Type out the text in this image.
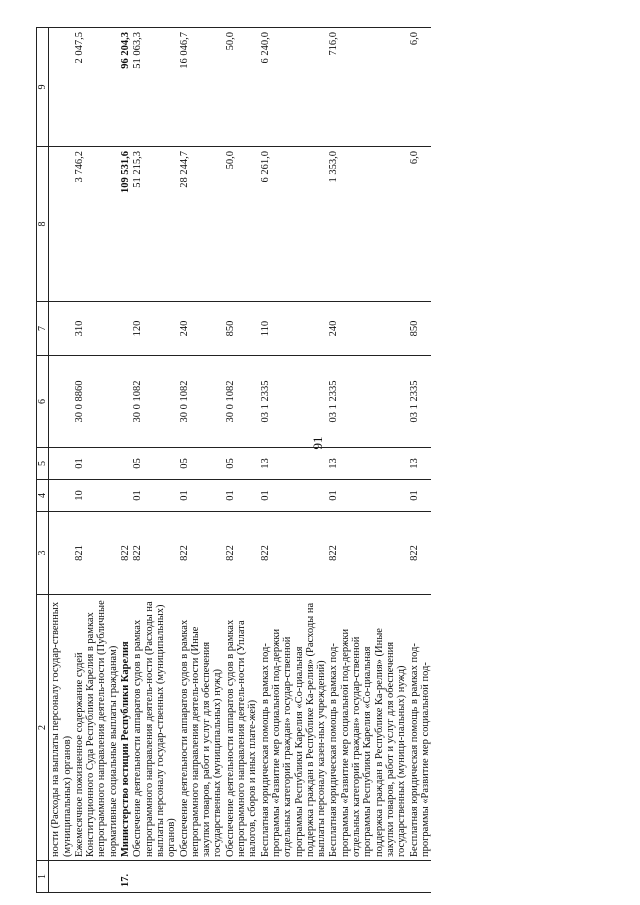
91
1	2	3	4	5	6	7	8	9

	ности (Расходы на выплаты персоналу государ-ственных (муниципальных) органов)							

	Ежемесячное пожизненное содержание судей Конституционного Суда Республики Карелия в рамках непрограммного направления деятель-ности (Публичные нормативные социальные выплаты гражданам)	821	10	01	30 0 8860	310	3 746,2	2 047,5

17.	Министерство юстиции Республики Карелия	822					109 531,6	96 204,3

	Обеспечение деятельности аппаратов судов в рамках непрограммного направления деятель-ности (Расходы на выплаты персоналу государ-ственных (муниципальных) органов)	822	01	05	30 0 1082	120	51 215,3	51 063,3

	Обеспечение деятельности аппаратов судов в рамках непрограммного направления деятель-ности (Иные закупки товаров, работ и услуг для обеспечения государственных (муниципальных) нужд)	822	01	05	30 0 1082	240	28 244,7	16 046,7

	Обеспечение деятельности аппаратов судов в рамках непрограммного направления деятель-ности (Уплата налогов, сборов и иных плате-жей)	822	01	05	30 0 1082	850	50,0	50,0

	Бесплатная юридическая помощь в рамках под-программы «Развитие мер социальной под-держки отдельных категорий граждан» государ-ственной программы Республики Карелия «Со-циальная поддержка граждан в Республике Ка-релия» (Расходы на выплаты персоналу казен-ных учреждений)	822	01	13	03 1 2335	110	6 261,0	6 240,0

	Бесплатная юридическая помощь в рамках под-программы «Развитие мер социальной под-держки отдельных категорий граждан» государ-ственной программы Республики Карелия «Со-циальная поддержка граждан в Республике Ка-релия» (Иные закупки товаров, работ и услуг для обеспечения государственных (муници-пальных) нужд)	822	01	13	03 1 2335	240	1 353,0	716,0

	Бесплатная юридическая помощь в рамках под-программы «Развитие мер социальной под-	822	01	13	03 1 2335	850	6,0	6,0
